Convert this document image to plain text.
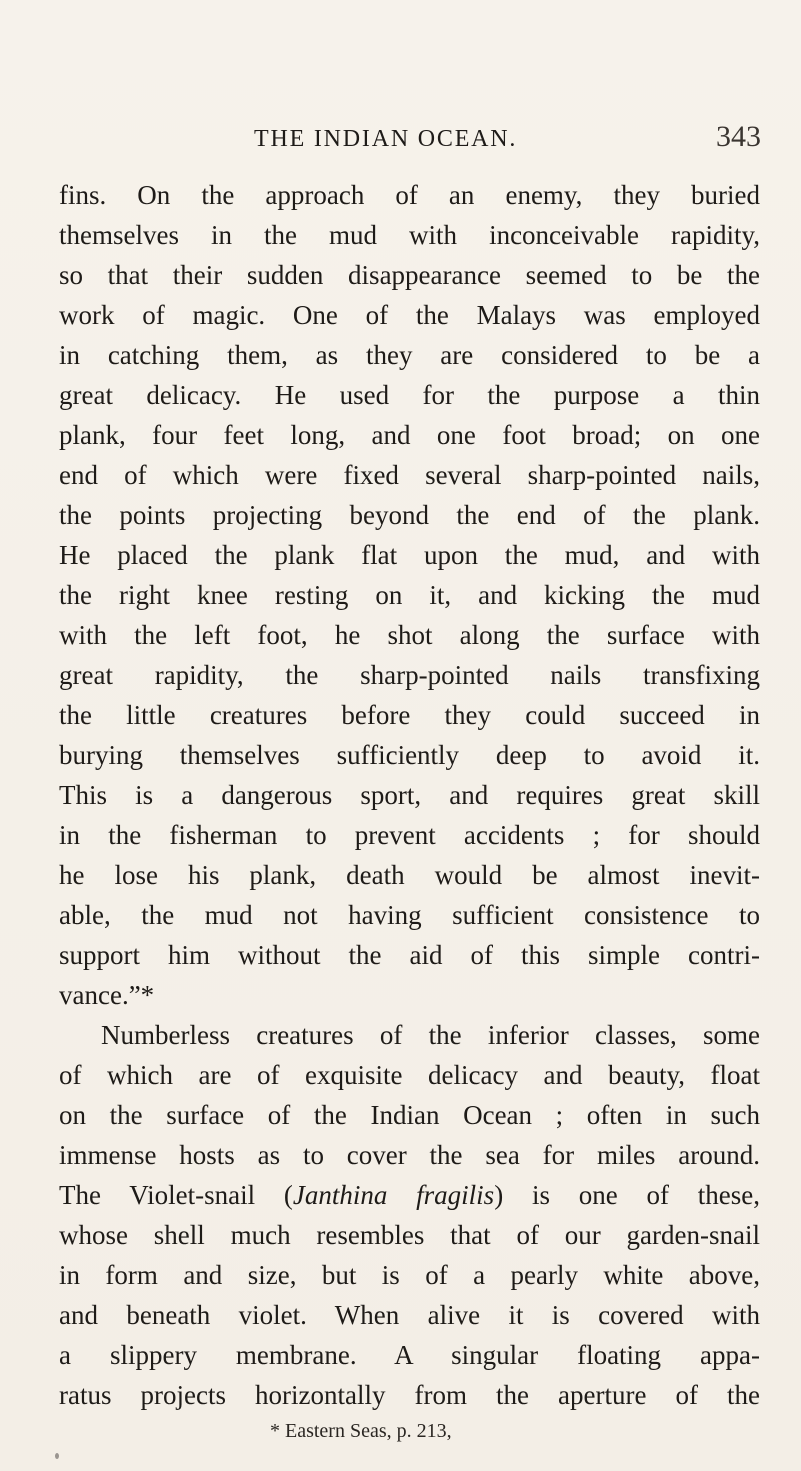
THE INDIAN OCEAN.	343
fins. On the approach of an enemy, they buried
themselves in the mud with inconceivable rapidity,
so that their sudden disappearance seemed to be the
work of magic. One of the Malays was employed
in catching them, as they are considered to be a
great delicacy. He used for the purpose a thin
plank, four feet long, and one foot broad; on one
end of which were fixed several sharp-pointed nails,
the points projecting beyond the end of the plank.
He placed the plank flat upon the mud, and with
the right knee resting on it, and kicking the mud
with the left foot, he shot along the surface with
great rapidity, the sharp-pointed nails transfixing
the little creatures before they could succeed in
burying themselves sufficiently deep to avoid it.
This is a dangerous sport, and requires great skill
in the fisherman to prevent accidents ; for should
he lose his plank, death would be almost inevit-
able, the mud not having sufficient consistence to
support him without the aid of this simple contri-
vance.”*
Numberless creatures of the inferior classes, some
of which are of exquisite delicacy and beauty, float
on the surface of the Indian Ocean ; often in such
immense hosts as to cover the sea for miles around.
The Violet-snail (Janthina fragilis) is one of these,
whose shell much resembles that of our garden-snail
in form and size, but is of a pearly white above,
and beneath violet. When alive it is covered with
a slippery membrane. A singular floating appa-
ratus projects horizontally from the aperture of the
* Eastern Seas, p. 213,
